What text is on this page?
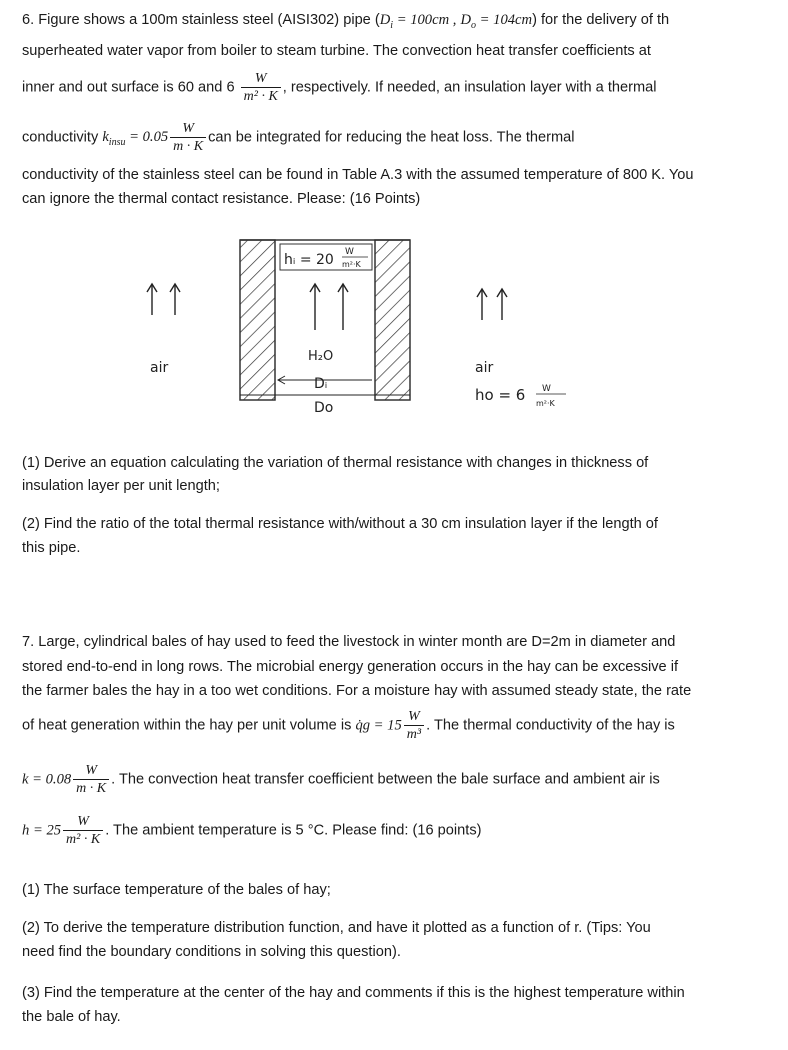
6. Figure shows a 100m stainless steel (AISI302) pipe ($D_i = 100cm$ , $D_o = 104cm$) for the delivery of th
superheated water vapor from boiler to steam turbine. The convection heat transfer coefficients at
inner and out surface is 60 and $6 \frac{W}{\text{m² · K}}$ , respectively. If needed, an insulation layer with a thermal
conductivity $k_{insu} = 0.05 \frac{W}{m \cdot K}$ can be integrated for reducing the heat loss. The thermal
conductivity of the stainless steel can be found in Table A.3 with the assumed temperature of 800 K. You
can ignore the thermal contact resistance. Please: (16 Points)
hᵢ = 20 W
m²·K
H₂O
Dᵢ
Do
air	air
ho = 6 W
m²·K
(1) Derive an equation calculating the variation of thermal resistance with changes in thickness of
insulation layer per unit length;
(2) Find the ratio of the total thermal resistance with/without a 30 cm insulation layer if the length of
this pipe.
7. Large, cylindrical bales of hay used to feed the livestock in winter month are D=2m in diameter and
stored end-to-end in long rows. The microbial energy generation occurs in the hay can be excessive if
the farmer bales the hay in a too wet conditions. For a moisture hay with assumed steady state, the rate
of heat generation within the hay per unit volume is q̇g = $15 \frac{W}{\text{m³}}$ . The thermal conductivity of the hay is
$k = 0.08 \frac{W}{m \cdot K}$ . The convection heat transfer coefficient between the bale surface and ambient air is
$h = 25 \frac{W}{\text{m² · K}}$ . The ambient temperature is 5 °C. Please find: (16 points)
(1) The surface temperature of the bales of hay;
(2) To derive the temperature distribution function, and have it plotted as a function of r. (Tips: You
need find the boundary conditions in solving this question).
(3) Find the temperature at the center of the hay and comments if this is the highest temperature within
the bale of hay.
